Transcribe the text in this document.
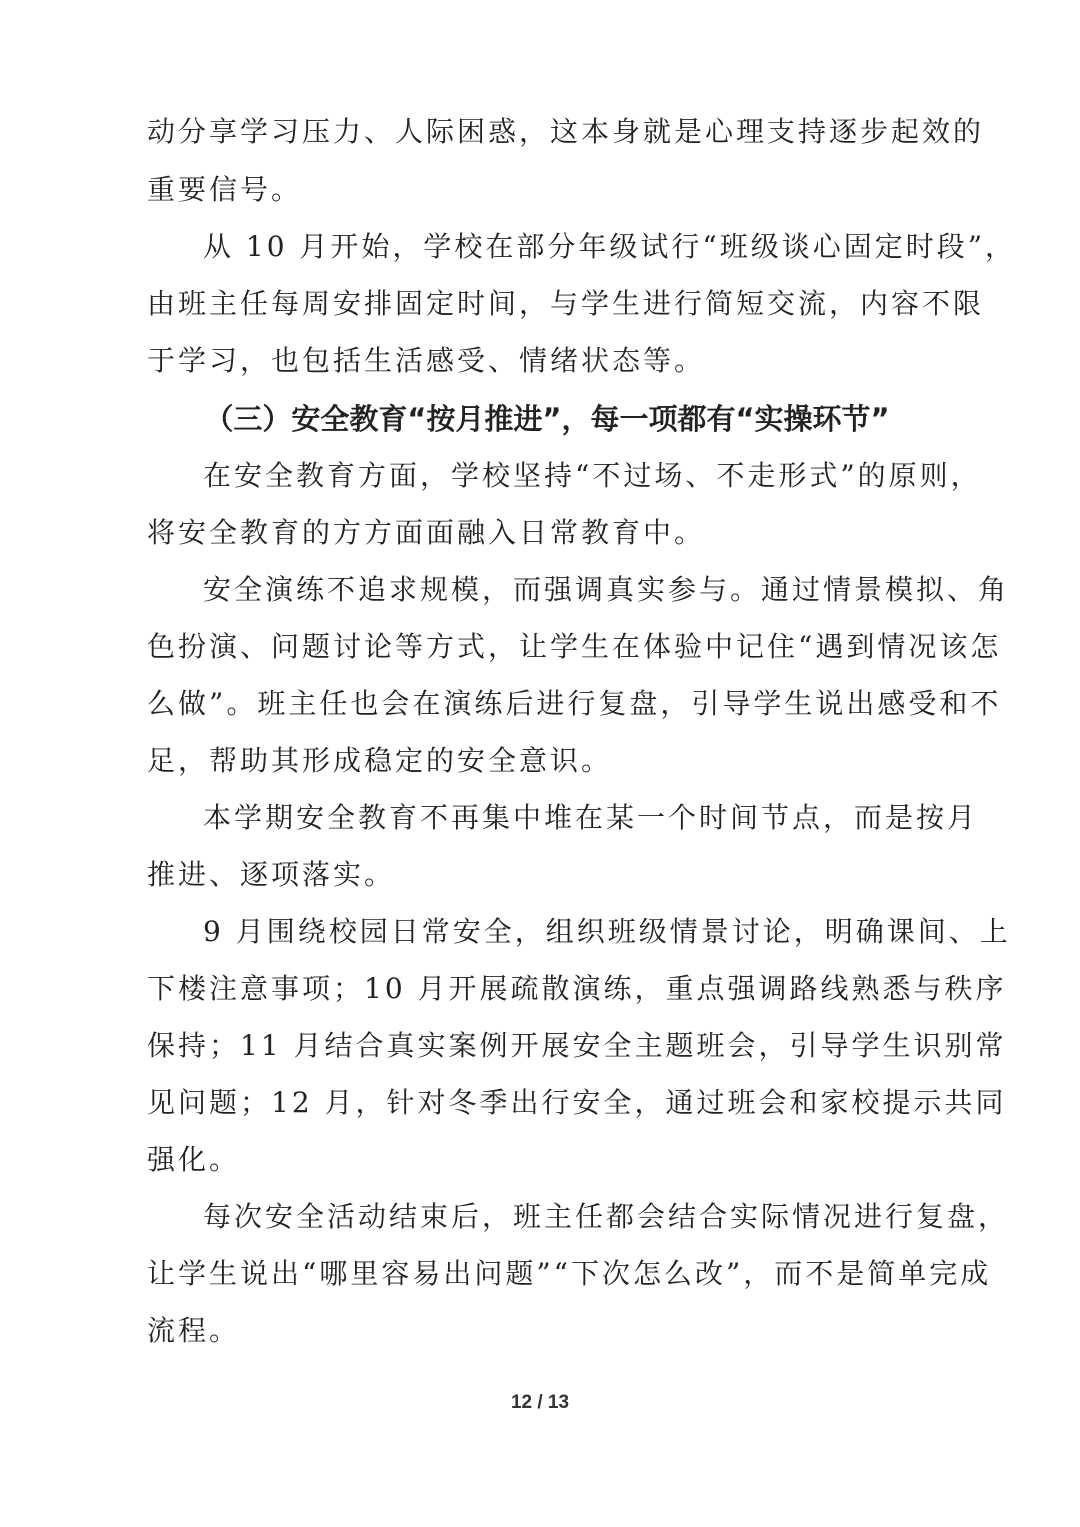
动分享学习压力、人际困惑，这本身就是心理支持逐步起效的
重要信号。
从 10 月开始，学校在部分年级试行“班级谈心固定时段”，
由班主任每周安排固定时间，与学生进行简短交流，内容不限
于学习，也包括生活感受、情绪状态等。
（三）安全教育“按月推进”，每一项都有“实操环节”
在安全教育方面，学校坚持“不过场、不走形式”的原则，
将安全教育的方方面面融入日常教育中。
安全演练不追求规模，而强调真实参与。通过情景模拟、角
色扮演、问题讨论等方式，让学生在体验中记住“遇到情况该怎
么做”。班主任也会在演练后进行复盘，引导学生说出感受和不
足，帮助其形成稳定的安全意识。
本学期安全教育不再集中堆在某一个时间节点，而是按月
推进、逐项落实。
9 月围绕校园日常安全，组织班级情景讨论，明确课间、上
下楼注意事项；10 月开展疏散演练，重点强调路线熟悉与秩序
保持；11 月结合真实案例开展安全主题班会，引导学生识别常
见问题；12 月，针对冬季出行安全，通过班会和家校提示共同
强化。
每次安全活动结束后，班主任都会结合实际情况进行复盘，
让学生说出“哪里容易出问题”“下次怎么改”，而不是简单完成
流程。
12 / 13
